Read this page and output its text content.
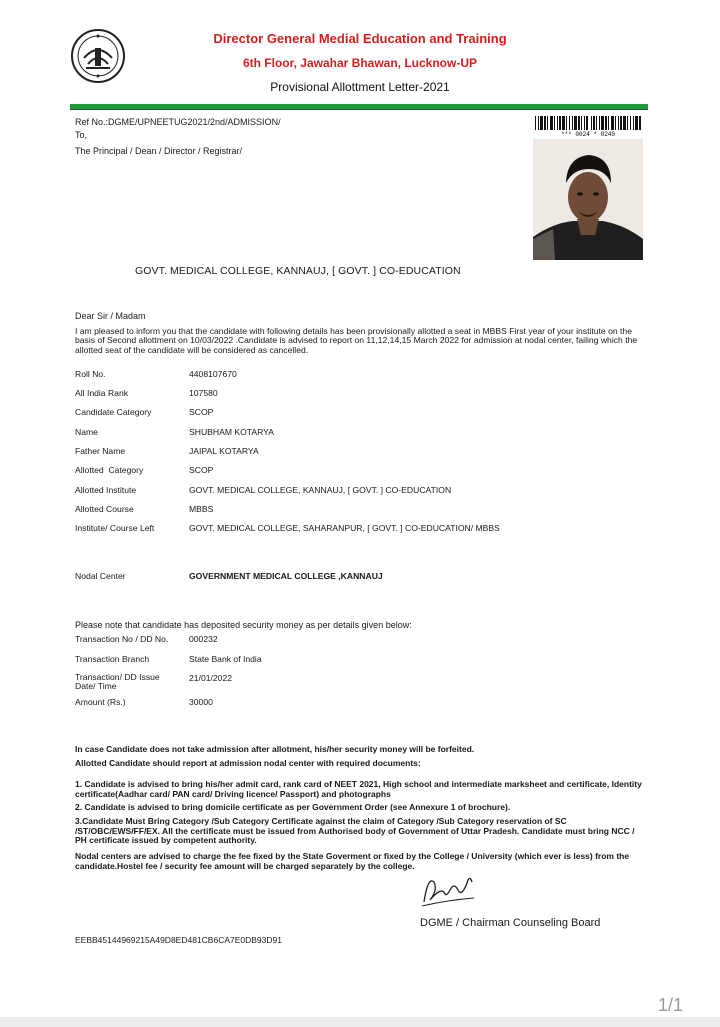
Director General Medial Education and Training
6th Floor, Jawahar Bhawan, Lucknow-UP
Provisional Allottment Letter-2021
Ref No.:DGME/UPNEETUG2021/2nd/ADMISSION/
To,
The Principal / Dean / Director / Registrar/
*** 0024 * 0240
GOVT. MEDICAL COLLEGE, KANNAUJ, [ GOVT. ] CO-EDUCATION
Dear Sir / Madam
I am pleased to inform you that the candidate with following details has been provisionally allotted a seat in MBBS First year of your institute on the basis of Second allottment on 10/03/2022 .Candidate is advised to report on 11,12,14,15 March 2022 for admission at nodal center, failing which the allotted seat of the candidate will be considered as cancelled.
Roll No.	4408107670
All India Rank	107580
Candidate Category	SCOP
Name	SHUBHAM KOTARYA
Father Name	JAIPAL KOTARYA
Allotted  Category	SCOP
Allotted Institute	GOVT. MEDICAL COLLEGE, KANNAUJ, [ GOVT. ] CO-EDUCATION
Allotted Course	MBBS
Institute/ Course Left	GOVT. MEDICAL COLLEGE, SAHARANPUR, [ GOVT. ] CO-EDUCATION/ MBBS
Nodal Center	GOVERNMENT MEDICAL COLLEGE ,KANNAUJ
Please note that candidate has deposited security money as per details given below:
Transaction No / DD No. 000232
Transaction Branch	State Bank of India
Transaction/ DD Issue Date/ Time
21/01/2022
Amount (Rs.)	30000
In case Candidate does not take admission after allotment, his/her security money will be forfeited.
Allotted Candidate should report at admission nodal center with required documents:
1. Candidate is advised to bring his/her admit card, rank card of NEET 2021, High school and intermediate marksheet and certificate, Identity certificate(Aadhar card/ PAN card/ Driving licence/ Passport) and photographs
2. Candidate is advised to bring domicile certificate as per Government Order (see Annexure 1 of brochure).
3.Candidate Must Bring Category /Sub Category Certificate against the claim of Category /Sub Category reservation of SC /ST/OBC/EWS/FF/EX. All the certificate must be issued from Authorised body of Government of Uttar Pradesh. Candidate must bring NCC / PH certificate issued by competent authority.
Nodal centers are advised to charge the fee fixed by the State Goverment or fixed by the College / University (which ever is less) from the candidate.Hostel fee / security fee amount will be charged separately by the college.
DGME / Chairman Counseling Board
EEBB45144969215A49D8ED481CB6CA7E0DB93D91
1/1
